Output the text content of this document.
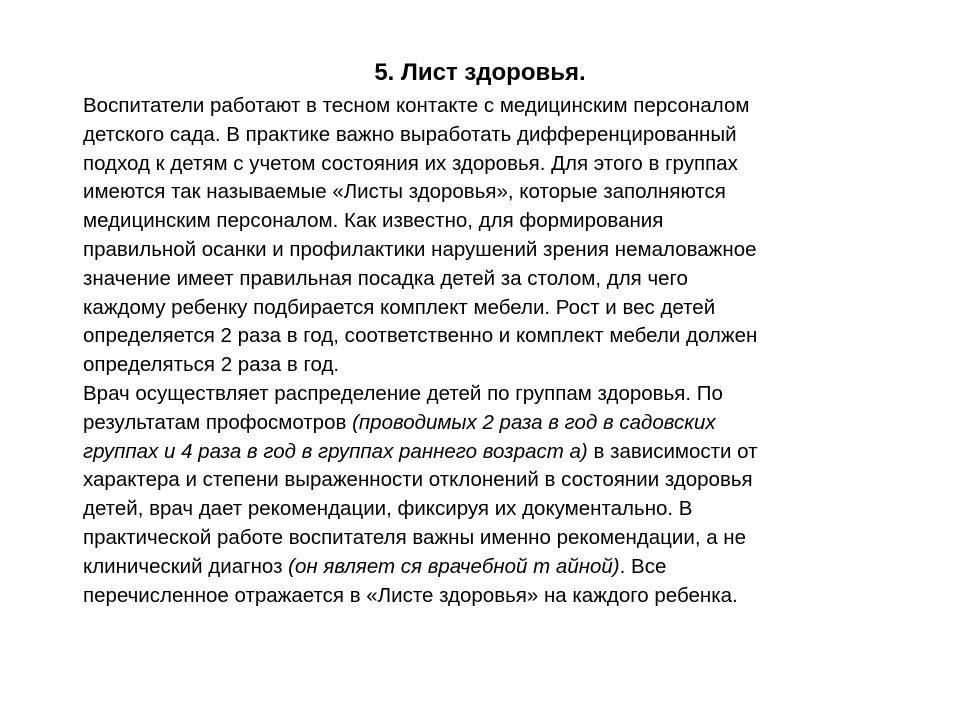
5. Лист здоровья.

Воспитатели работают в тесном контакте с медицинским персоналом
детского сада. В практике важно выработать дифференцированный
подход к детям с учетом состояния их здоровья. Для этого в группах
имеются так называемые «Листы здоровья», которые заполняются
медицинским персоналом. Как известно, для формирования
правильной осанки и профилактики нарушений зрения немаловажное
значение имеет правильная посадка детей за столом, для чего
каждому ребенку подбирается комплект мебели. Рост и вес детей
определяется 2 раза в год, соответственно и комплект мебели должен
определяться 2 раза в год.

Врач осуществляет распределение детей по группам здоровья. По
результатам профосмотров (проводимых 2 раза в год в садовских
группах и 4 раза в год в группах раннего возраст а) в зависимости от
характера и степени выраженности отклонений в состоянии здоровья
детей, врач дает рекомендации, фиксируя их документально. В
практической работе воспитателя важны именно рекомендации, а не
клинический диагноз (он являет ся врачебной т айной). Все
перечисленное отражается в «Листе здоровья» на каждого ребенка.
